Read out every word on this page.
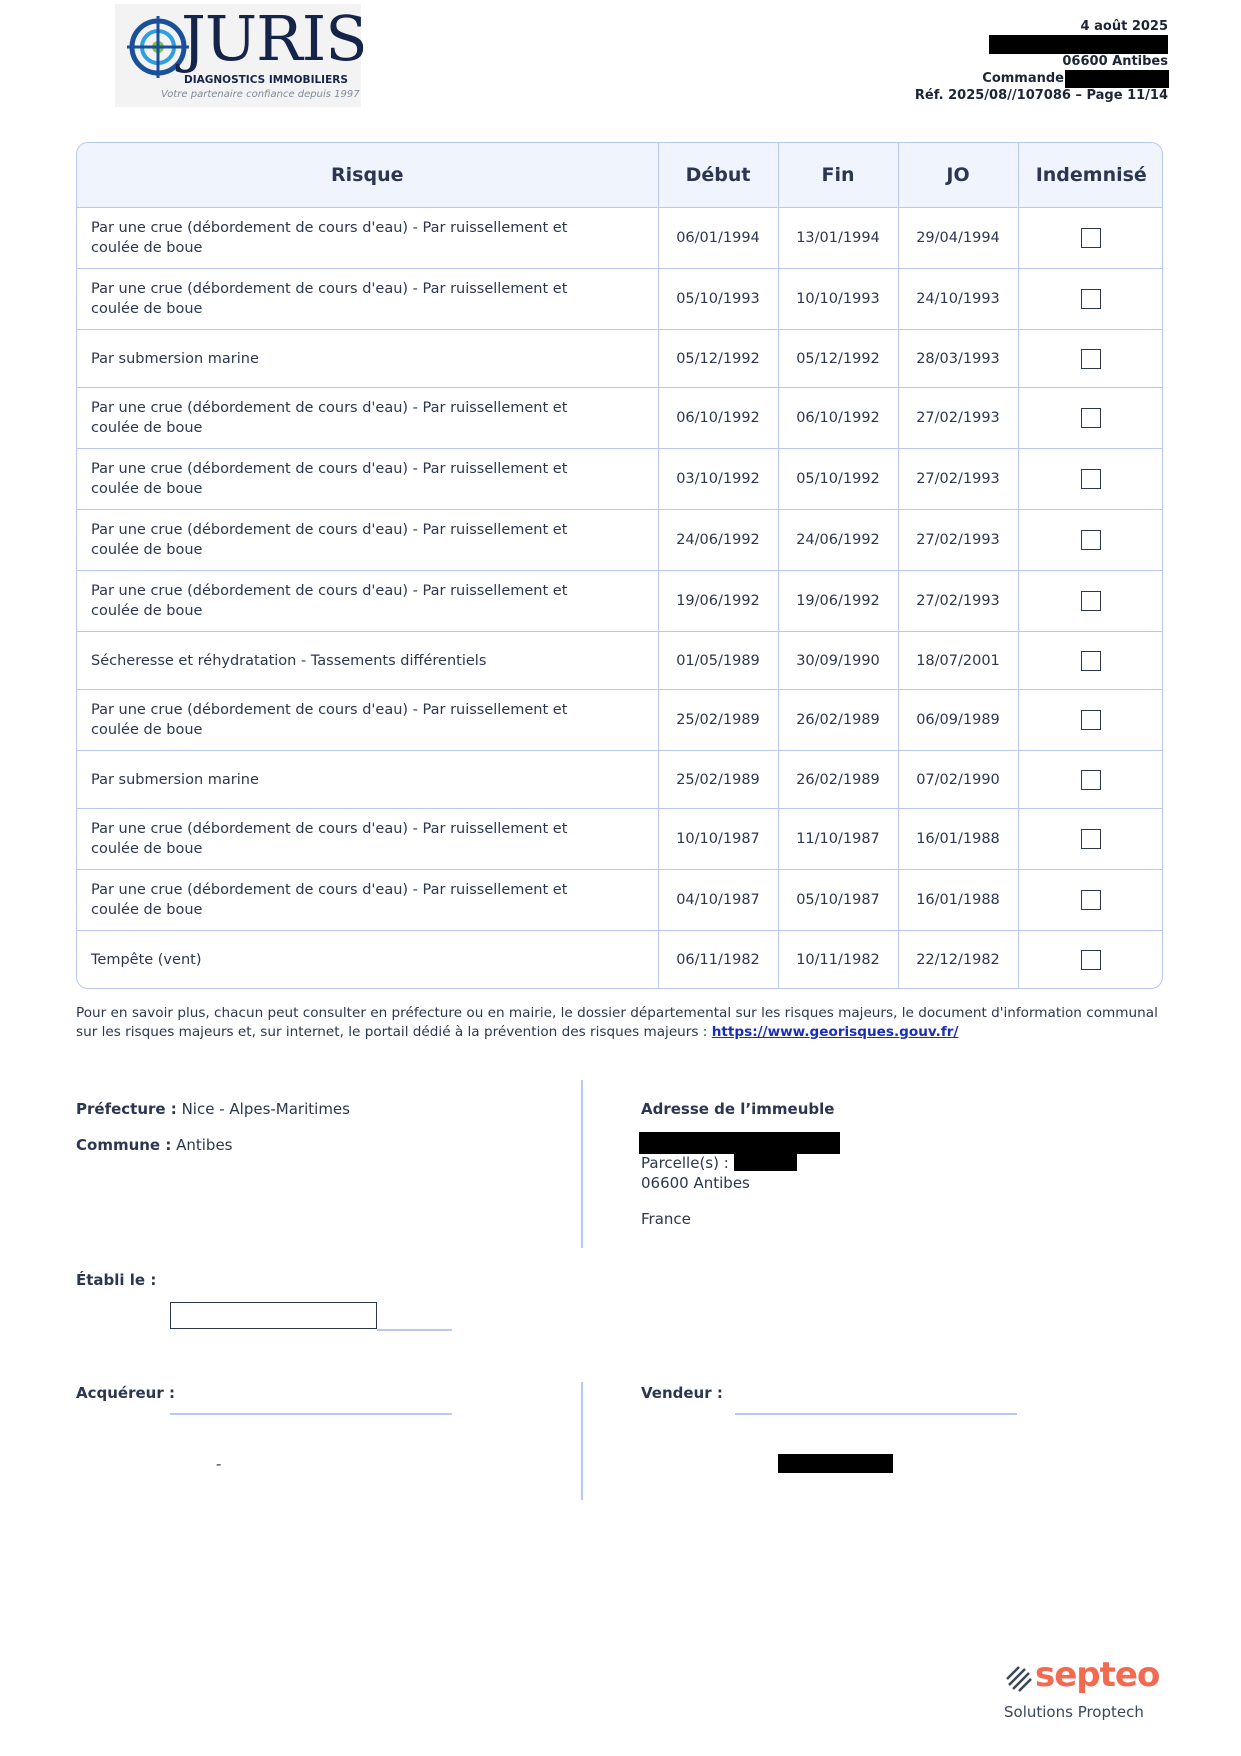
JURIS
DIAGNOSTICS IMMOBILIERS
Votre partenaire confiance depuis 1997
4 août 2025
06600 Antibes
Commande
Réf. 2025/08//107086 – Page 11/14
Risque	Début	Fin	JO	Indemnisé
Par une crue (débordement de cours d'eau) - Par ruissellement et coulée de boue	06/01/1994	13/01/1994	29/04/1994	
Par une crue (débordement de cours d'eau) - Par ruissellement et coulée de boue	05/10/1993	10/10/1993	24/10/1993	
Par submersion marine	05/12/1992	05/12/1992	28/03/1993	
Par une crue (débordement de cours d'eau) - Par ruissellement et coulée de boue	06/10/1992	06/10/1992	27/02/1993	
Par une crue (débordement de cours d'eau) - Par ruissellement et coulée de boue	03/10/1992	05/10/1992	27/02/1993	
Par une crue (débordement de cours d'eau) - Par ruissellement et coulée de boue	24/06/1992	24/06/1992	27/02/1993	
Par une crue (débordement de cours d'eau) - Par ruissellement et coulée de boue	19/06/1992	19/06/1992	27/02/1993	
Sécheresse et réhydratation - Tassements différentiels	01/05/1989	30/09/1990	18/07/2001	
Par une crue (débordement de cours d'eau) - Par ruissellement et coulée de boue	25/02/1989	26/02/1989	06/09/1989	
Par submersion marine	25/02/1989	26/02/1989	07/02/1990	
Par une crue (débordement de cours d'eau) - Par ruissellement et coulée de boue	10/10/1987	11/10/1987	16/01/1988	
Par une crue (débordement de cours d'eau) - Par ruissellement et coulée de boue	04/10/1987	05/10/1987	16/01/1988	
Tempête (vent)	06/11/1982	10/11/1982	22/12/1982	
Pour en savoir plus, chacun peut consulter en préfecture ou en mairie, le dossier départemental sur les risques majeurs, le document d'information communal sur les risques majeurs et, sur internet, le portail dédié à la prévention des risques majeurs : https://www.georisques.gouv.fr/
Préfecture : Nice - Alpes-Maritimes
Commune : Antibes
Adresse de l’immeuble
Parcelle(s) :
06600 Antibes
France
Établi le :
Acquéreur :
-
Vendeur :
septeo
Solutions Proptech
